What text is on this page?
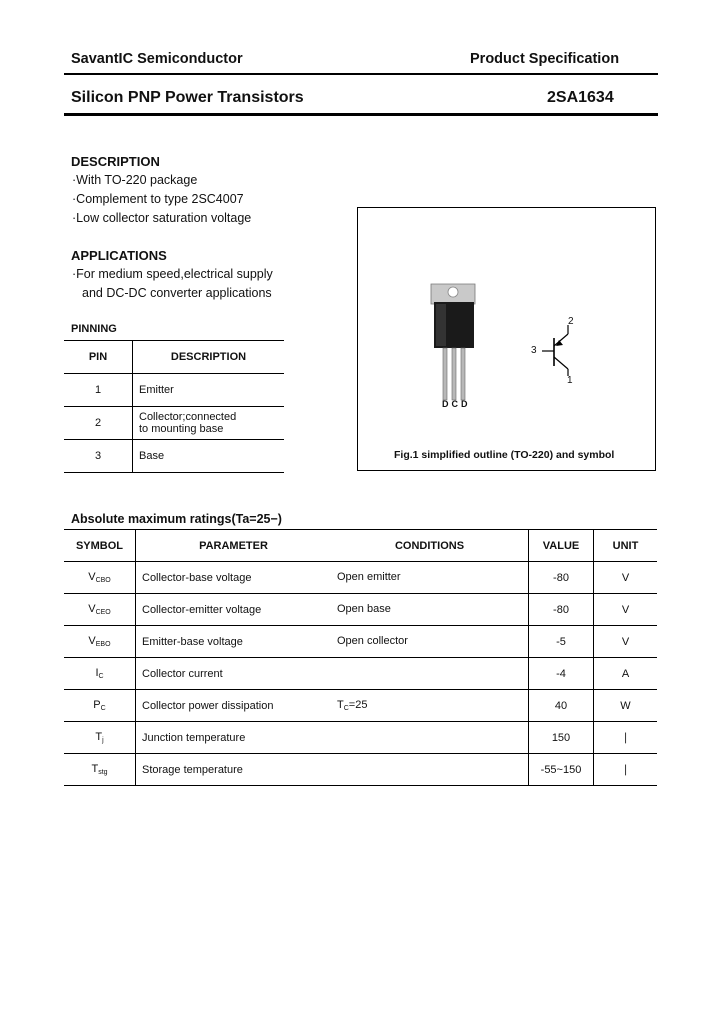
SavantIC Semiconductor	Product Specification
Silicon PNP Power Transistors	2SA1634
DESCRIPTION
·With TO-220 package
·Complement to type 2SC4007
·Low collector saturation voltage
APPLICATIONS
·For medium speed,electrical supply
and DC-DC converter applications
PINNING
PIN	DESCRIPTION
1	Emitter
2	Collector;connected to mounting base
3	Base
DCD
2
3
1
Fig.1 simplified outline (TO-220) and symbol
Absolute maximum ratings(Ta=25−)
SYMBOL	PARAMETER	CONDITIONS	VALUE	UNIT
$V_{CBO}$	Collector-base voltage	Open emitter	-80	V
$V_{CEO}$	Collector-emitter voltage	Open base	-80	V
$V_{EBO}$	Emitter-base voltage	Open collector	-5	V
$I_C$	Collector current		-4	A
$P_C$	Collector power dissipation	$T_C=25$	40	W
$T_j$	Junction temperature		150	∣
$T_{stg}$	Storage temperature		-55~150	∣
